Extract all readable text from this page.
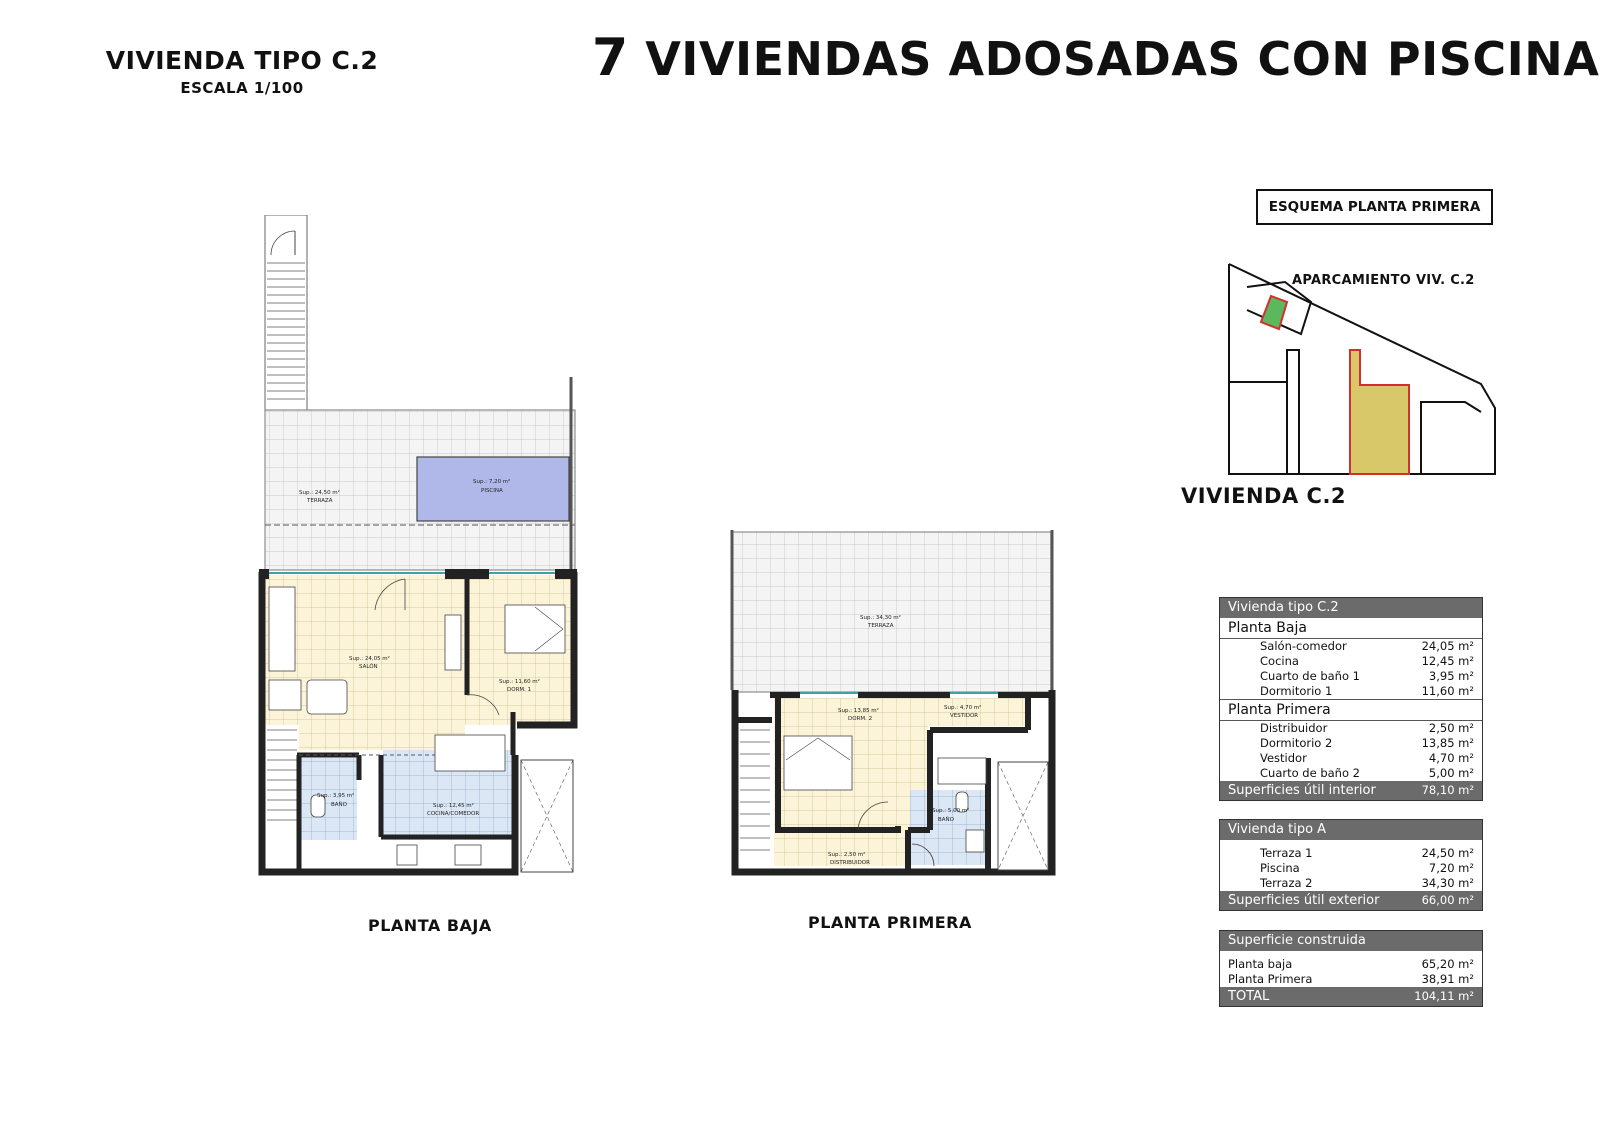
VIVIENDA TIPO C.2
ESCALA 1/100	7 VIVIENDAS ADOSADAS CON PISCINA
Sup.: 24,50 m²
TERRAZA
Sup.: 7,20 m²
PISCINA
Sup.: 24,05 m²
SALÓN
Sup.: 11,60 m²
DORM. 1
Sup.: 3,95 m²
BAÑO	Sup.: 12,45 m²
COCINA/COMEDOR
PLANTA BAJA
Sup.: 34,30 m²
TERRAZA
Sup.: 13,85 m²
DORM. 2
Sup.: 4,70 m²
VESTIDOR
Sup.: 5,00 m²
BAÑO
Sup.: 2,50 m²
DISTRIBUIDOR
PLANTA PRIMERA
ESQUEMA PLANTA PRIMERA
APARCAMIENTO VIV. C.2
VIVIENDA C.2
Vivienda tipo C.2
Planta Baja
Salón-comedor	24,05 m²
Cocina	12,45 m²
Cuarto de baño 1	3,95 m²
Dormitorio 1	11,60 m²
Planta Primera
Distribuidor	2,50 m²
Dormitorio 2	13,85 m²
Vestidor	4,70 m²
Cuarto de baño 2	5,00 m²
Superficies útil interior	78,10 m²
Vivienda tipo A
Terraza 1	24,50 m²
Piscina	7,20 m²
Terraza 2	34,30 m²
Superficies útil exterior	66,00 m²
Superficie construida
Planta baja	65,20 m²
Planta Primera	38,91 m²
TOTAL	104,11 m²
